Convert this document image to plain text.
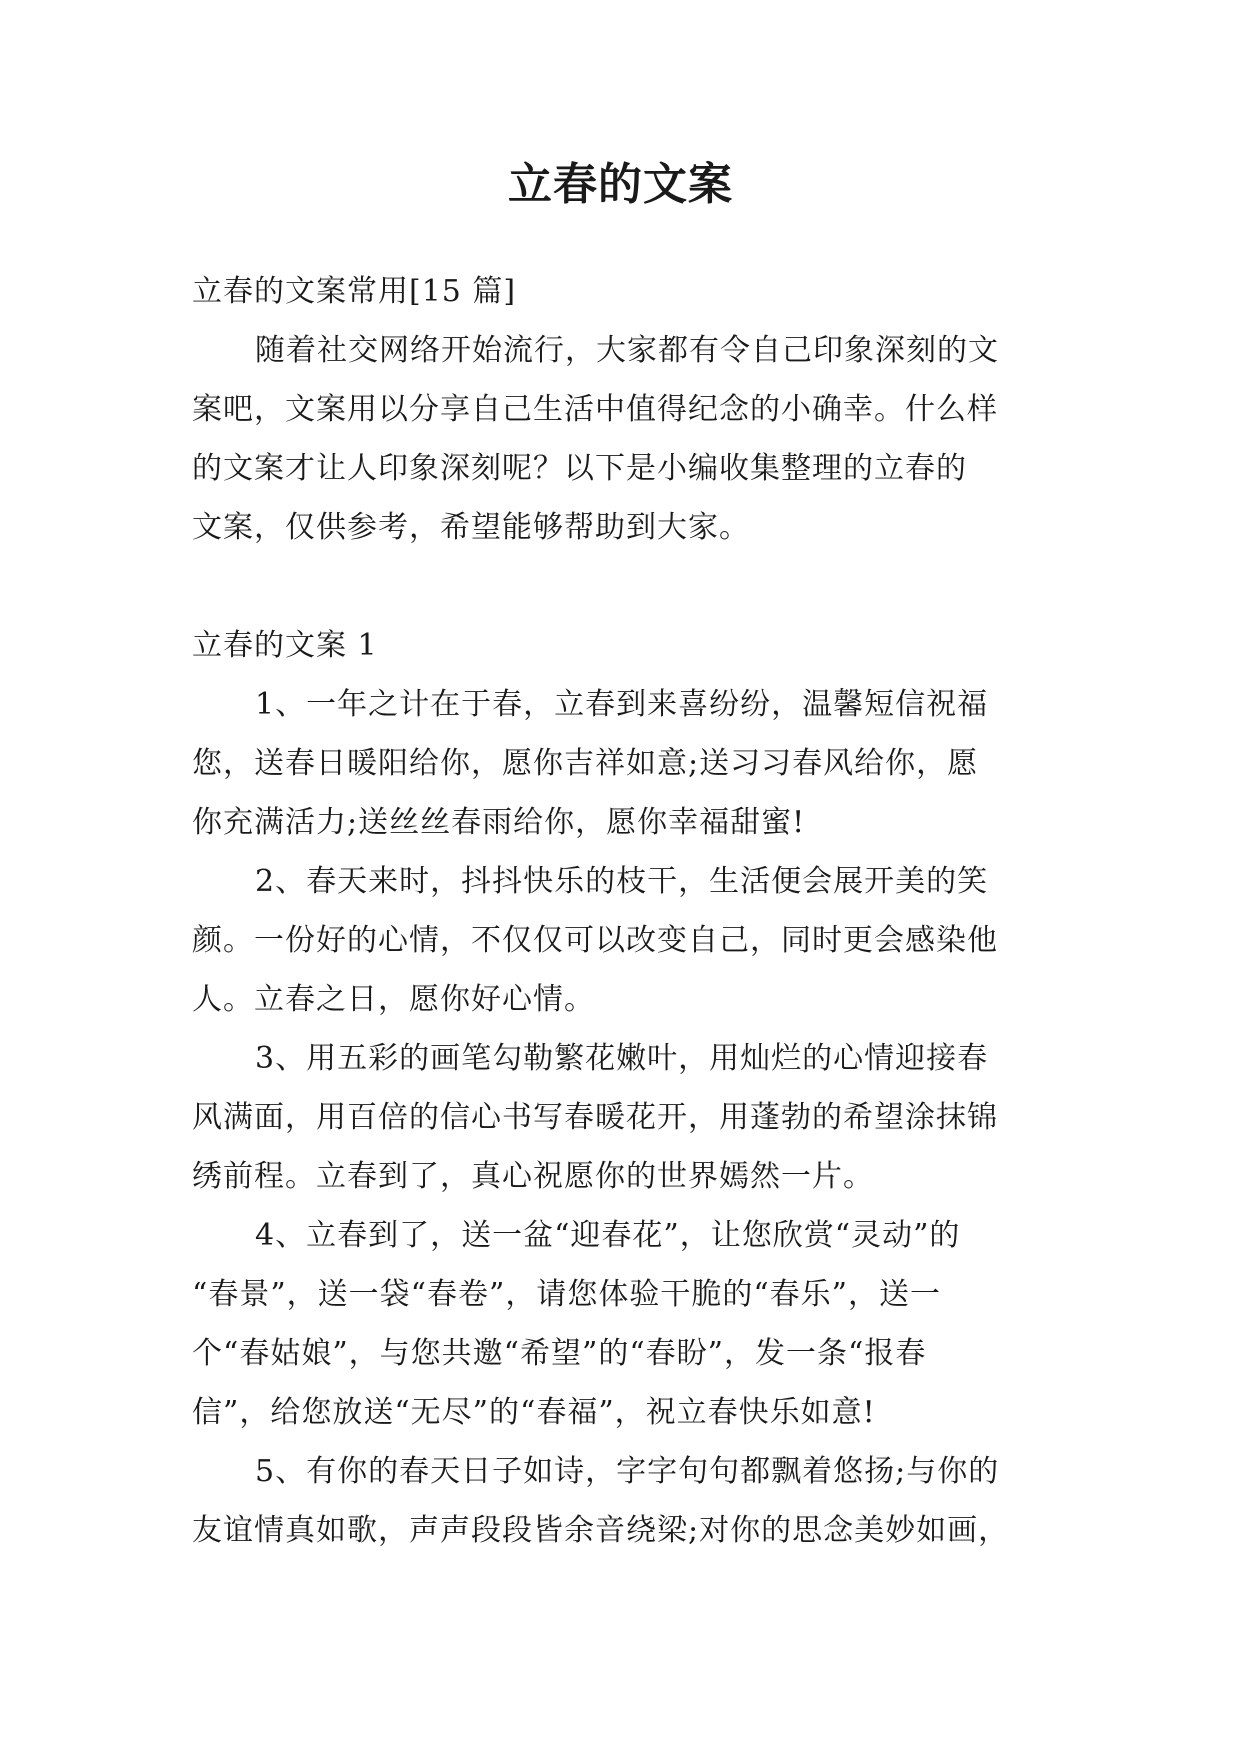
立春的文案
立春的文案常用[15 篇]
随着社交网络开始流行，大家都有令自己印象深刻的文
案吧，文案用以分享自己生活中值得纪念的小确幸。什么样
的文案才让人印象深刻呢？以下是小编收集整理的立春的
文案，仅供参考，希望能够帮助到大家。
立春的文案 1
1、一年之计在于春，立春到来喜纷纷，温馨短信祝福
您，送春日暖阳给你，愿你吉祥如意;送习习春风给你，愿
你充满活力;送丝丝春雨给你，愿你幸福甜蜜!
2、春天来时，抖抖快乐的枝干，生活便会展开美的笑
颜。一份好的心情，不仅仅可以改变自己，同时更会感染他
人。立春之日，愿你好心情。
3、用五彩的画笔勾勒繁花嫩叶，用灿烂的心情迎接春
风满面，用百倍的信心书写春暖花开，用蓬勃的希望涂抹锦
绣前程。立春到了，真心祝愿你的世界嫣然一片。
4、立春到了，送一盆“迎春花”，让您欣赏“灵动”的
“春景”，送一袋“春卷”，请您体验干脆的“春乐”，送一
个“春姑娘”，与您共邀“希望”的“春盼”，发一条“报春
信”，给您放送“无尽”的“春福”，祝立春快乐如意!
5、有你的春天日子如诗，字字句句都飘着悠扬;与你的
友谊情真如歌，声声段段皆余音绕梁;对你的思念美妙如画，
